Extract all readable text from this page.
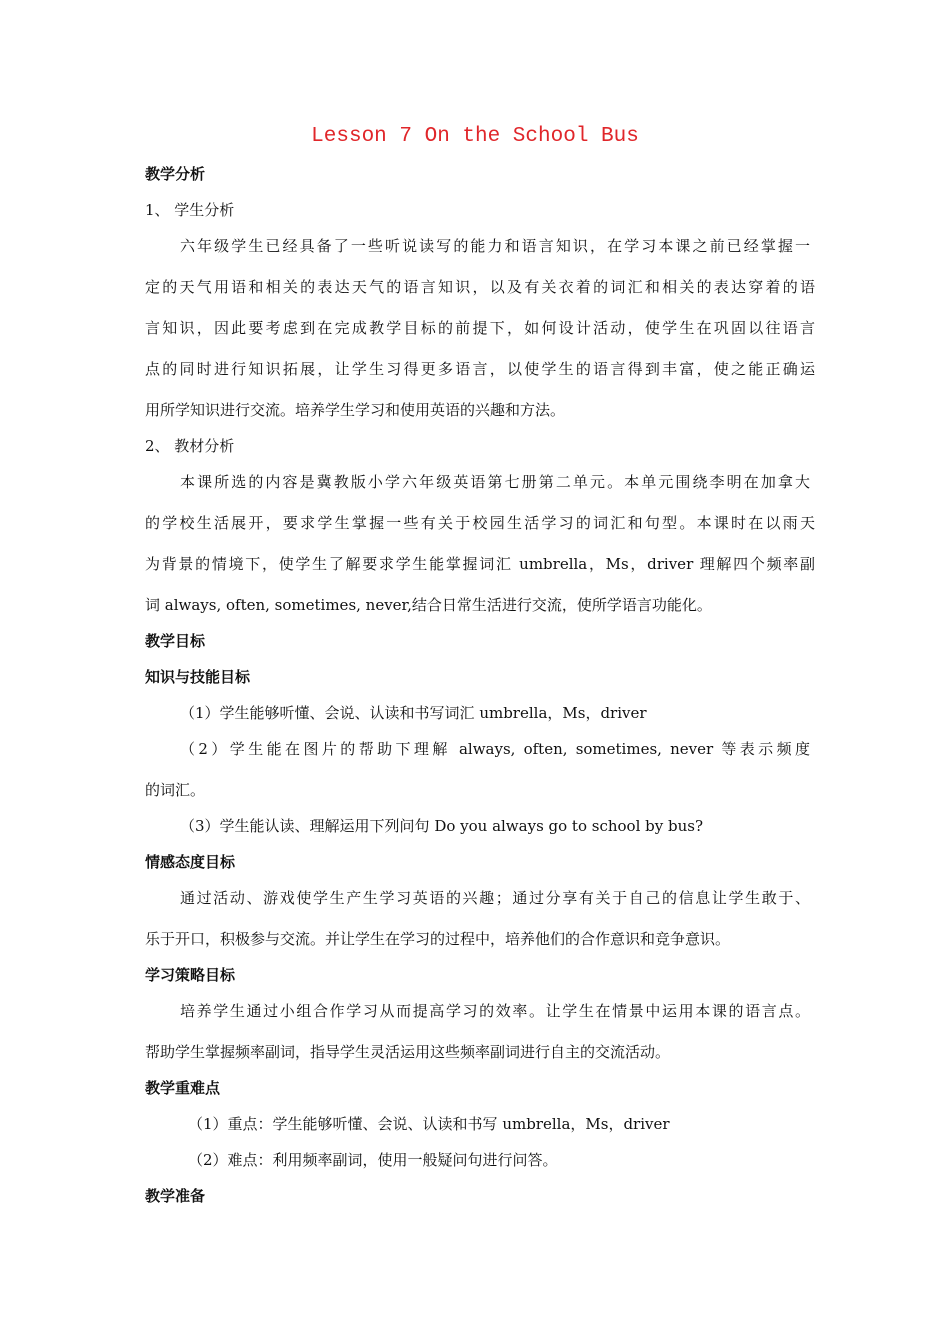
Lesson 7 On the School Bus
教学分析
1、 学生分析
六年级学生已经具备了一些听说读写的能力和语言知识，在学习本课之前已经掌握一
定的天气用语和相关的表达天气的语言知识，以及有关衣着的词汇和相关的表达穿着的语
言知识，因此要考虑到在完成教学目标的前提下，如何设计活动，使学生在巩固以往语言
点的同时进行知识拓展，让学生习得更多语言，以使学生的语言得到丰富，使之能正确运
用所学知识进行交流。培养学生学习和使用英语的兴趣和方法。
2、 教材分析
本课所选的内容是冀教版小学六年级英语第七册第二单元。本单元围绕李明在加拿大
的学校生活展开，要求学生掌握一些有关于校园生活学习的词汇和句型。本课时在以雨天
为背景的情境下，使学生了解要求学生能掌握词汇 umbrella，Ms，driver 理解四个频率副
词 always, often, sometimes, never,结合日常生活进行交流，使所学语言功能化。
教学目标
知识与技能目标
（1）学生能够听懂、会说、认读和书写词汇 umbrella，Ms，driver
（2）学生能在图片的帮助下理解 always, often, sometimes, never 等表示频度
的词汇。
（3）学生能认读、理解运用下列问句 Do you always go to school by bus?
情感态度目标
通过活动、游戏使学生产生学习英语的兴趣；通过分享有关于自己的信息让学生敢于、
乐于开口，积极参与交流。并让学生在学习的过程中，培养他们的合作意识和竞争意识。
学习策略目标
培养学生通过小组合作学习从而提高学习的效率。让学生在情景中运用本课的语言点。
帮助学生掌握频率副词，指导学生灵活运用这些频率副词进行自主的交流活动。
教学重难点
（1）重点：学生能够听懂、会说、认读和书写 umbrella，Ms，driver
（2）难点：利用频率副词，使用一般疑问句进行问答。
教学准备
